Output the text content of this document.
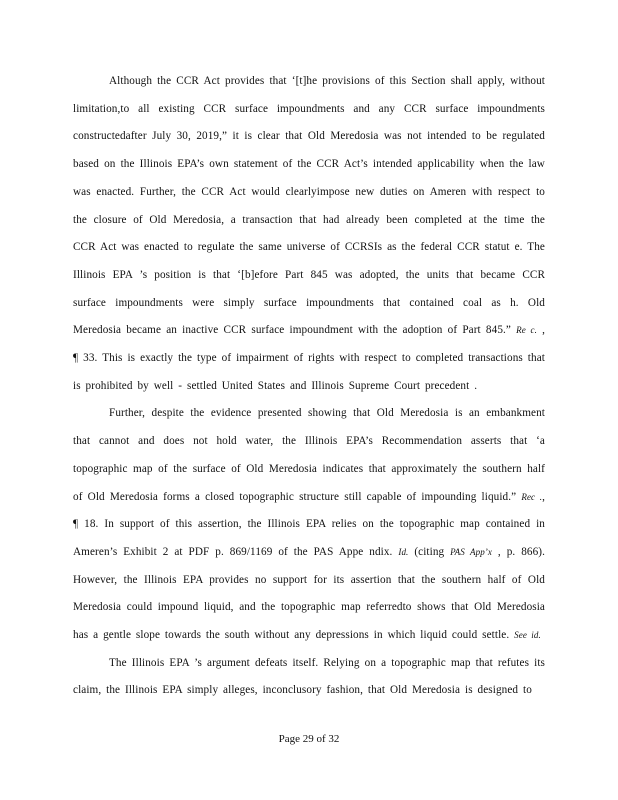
Although the CCR Act provides that ‘[t]he provisions of this Section shall apply, without limitation,to all existing CCR surface impoundments and any CCR surface impoundments constructedafter July 30, 2019,” it is clear that Old Meredosia was not intended to be regulated based on the Illinois EPA’s own statement of the CCR Act’s intended applicability when the law was enacted. Further, the CCR Act would clearlyimpose new duties on Ameren with respect to the closure of Old Meredosia, a transaction that had already been completed at the time the CCR Act was enacted to regulate the same universe of CCRSIs as the federal CCR statut e. The Illinois EPA ’s position is that ‘[b]efore Part 845 was adopted, the units that became CCR surface impoundments were simply surface impoundments that contained coal as h. Old Meredosia became an inactive CCR surface impoundment with the adoption of Part 845.” Re c. , ¶ 33. This is exactly the type of impairment of rights with respect to completed transactions that is prohibited by well - settled United States and Illinois Supreme Court precedent .

Further, despite the evidence presented showing that Old Meredosia is an embankment that cannot and does not hold water, the Illinois EPA’s Recommendation asserts that ‘a topographic map of the surface of Old Meredosia indicates that approximately the southern half of Old Meredosia forms a closed topographic structure still capable of impounding liquid.” Rec ., ¶ 18. In support of this assertion, the Illinois EPA relies on the topographic map contained in Ameren’s Exhibit 2 at PDF p. 869/1169 of the PAS Appe ndix. Id. (citing PAS App’x , p. 866). However, the Illinois EPA provides no support for its assertion that the southern half of Old Meredosia could impound liquid, and the topographic map referredto shows that Old Meredosia has a gentle slope towards the south without any depressions in which liquid could settle. See id.

The Illinois EPA ’s argument defeats itself. Relying on a topographic map that refutes its claim, the Illinois EPA simply alleges, inconclusory fashion, that Old Meredosia is designed to

Page 29 of 32
